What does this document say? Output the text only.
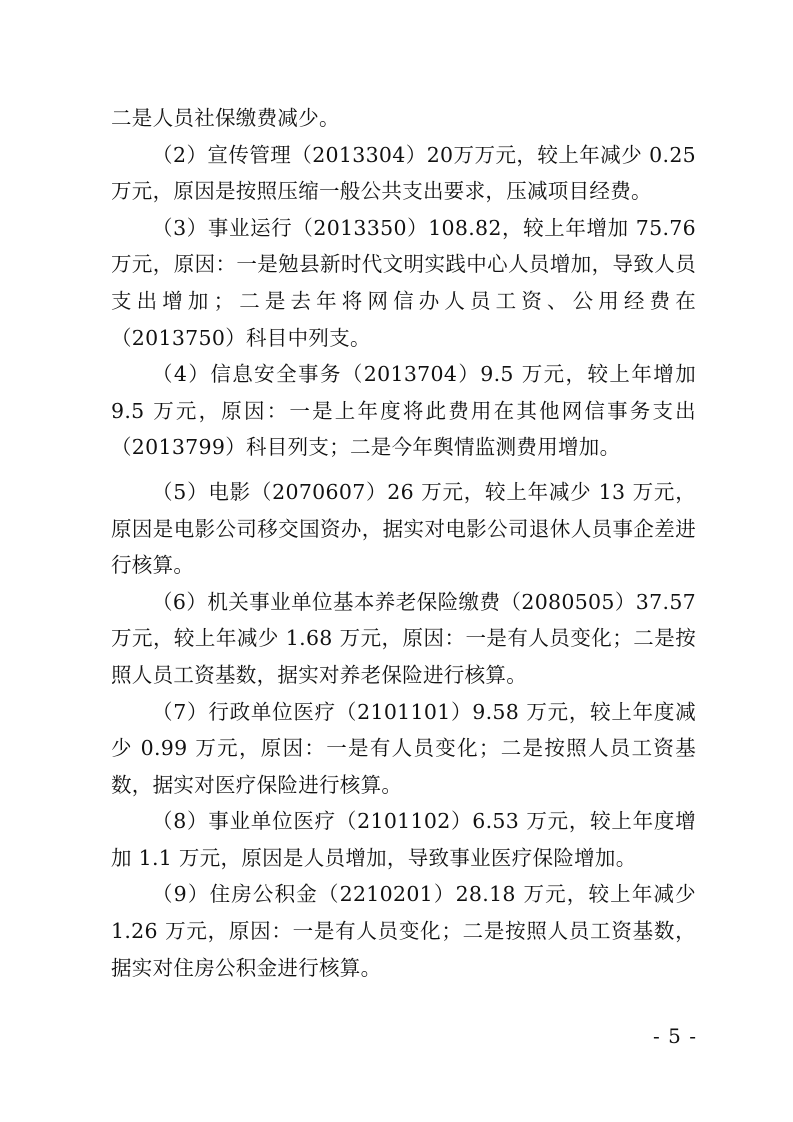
二是人员社保缴费减少。

（2）宣传管理（2013304）20万万元，较上年减少 0.25 万元，原因是按照压缩一般公共支出要求，压减项目经费。

（3）事业运行（2013350）108.82，较上年增加 75.76 万元，原因：一是勉县新时代文明实践中心人员增加，导致人员支出增加；二是去年将网信办人员工资、公用经费在（2013750）科目中列支。

（4）信息安全事务（2013704）9.5 万元，较上年增加 9.5 万元，原因：一是上年度将此费用在其他网信事务支出（2013799）科目列支；二是今年舆情监测费用增加。

（5）电影（2070607）26 万元，较上年减少 13 万元，原因是电影公司移交国资办，据实对电影公司退休人员事企差进行核算。

（6）机关事业单位基本养老保险缴费（2080505）37.57 万元，较上年减少 1.68 万元，原因：一是有人员变化；二是按照人员工资基数，据实对养老保险进行核算。

（7）行政单位医疗（2101101）9.58 万元，较上年度减少 0.99 万元，原因：一是有人员变化；二是按照人员工资基数，据实对医疗保险进行核算。

（8）事业单位医疗（2101102）6.53 万元，较上年度增加 1.1 万元，原因是人员增加，导致事业医疗保险增加。

（9）住房公积金（2210201）28.18 万元，较上年减少 1.26 万元，原因：一是有人员变化；二是按照人员工资基数，据实对住房公积金进行核算。

- 5 -
